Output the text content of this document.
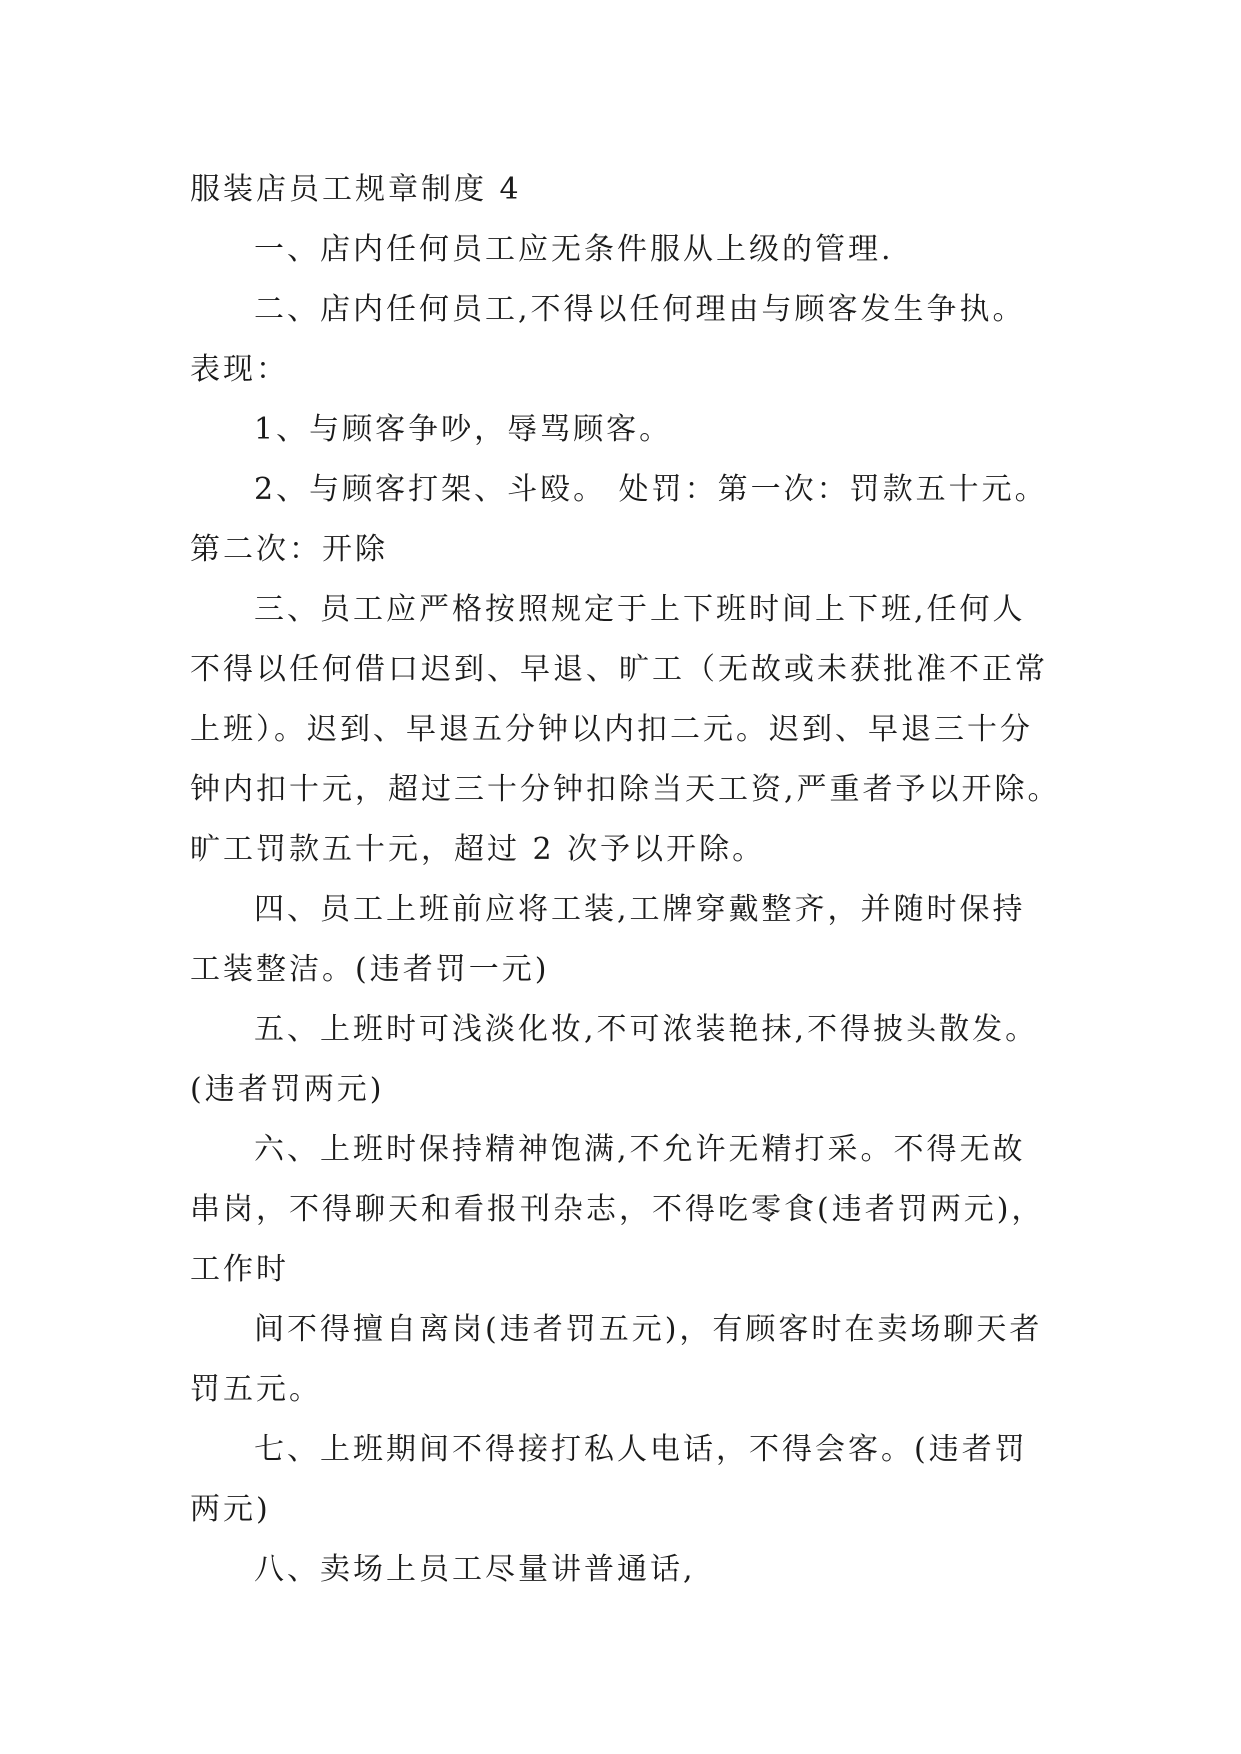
服装店员工规章制度 4
一、店内任何员工应无条件服从上级的管理.
二、店内任何员工,不得以任何理由与顾客发生争执。
表现：
1、与顾客争吵，辱骂顾客。
2、与顾客打架、斗殴。 处罚：第一次：罚款五十元。
第二次：开除
三、员工应严格按照规定于上下班时间上下班,任何人
不得以任何借口迟到、早退、旷工（无故或未获批准不正常
上班）。迟到、早退五分钟以内扣二元。迟到、早退三十分
钟内扣十元，超过三十分钟扣除当天工资,严重者予以开除。
旷工罚款五十元，超过 2 次予以开除。
四、员工上班前应将工装,工牌穿戴整齐，并随时保持
工装整洁。(违者罚一元)
五、上班时可浅淡化妆,不可浓装艳抹,不得披头散发。
(违者罚两元)
六、上班时保持精神饱满,不允许无精打采。不得无故
串岗，不得聊天和看报刊杂志，不得吃零食(违者罚两元)，
工作时
间不得擅自离岗(违者罚五元)，有顾客时在卖场聊天者
罚五元。
七、上班期间不得接打私人电话，不得会客。(违者罚
两元)
八、卖场上员工尽量讲普通话,
